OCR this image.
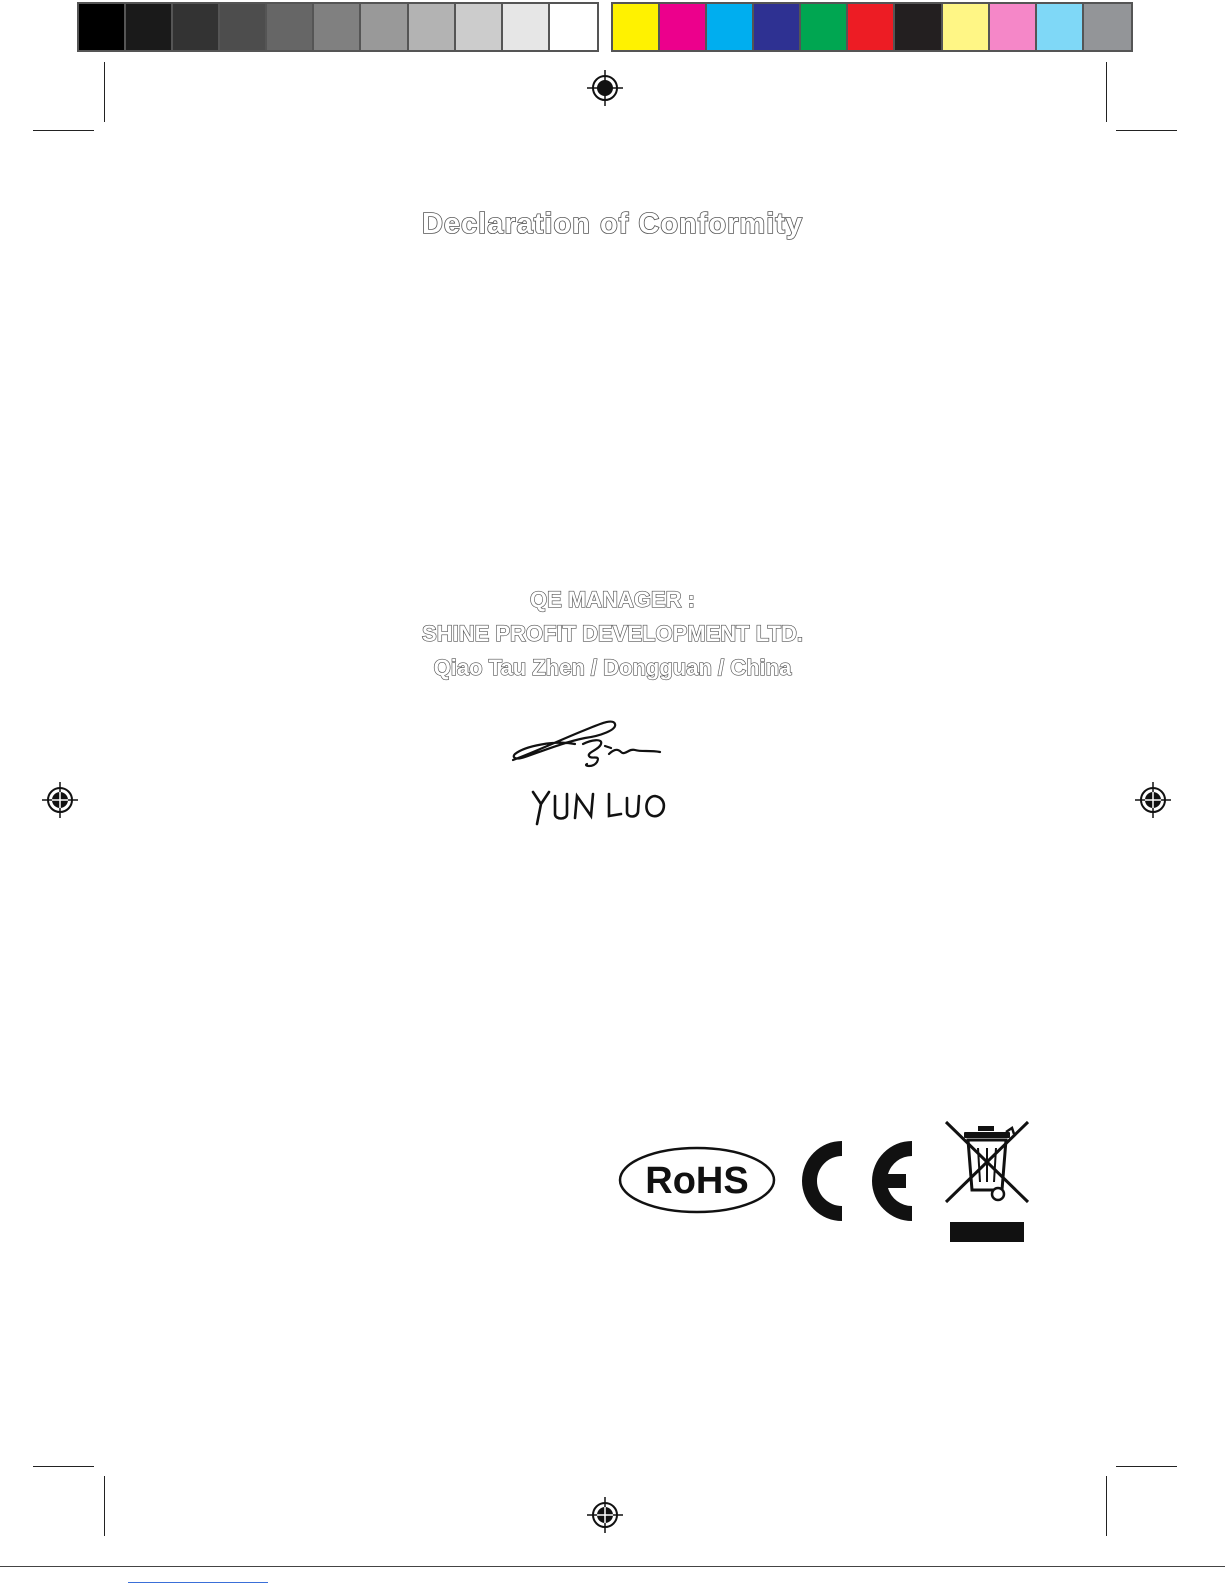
Declaration of Conformity
QE MANAGER :
SHINE PROFIT DEVELOPMENT LTD.
Qiao Tau Zhen / Dongguan / China
RoHS
